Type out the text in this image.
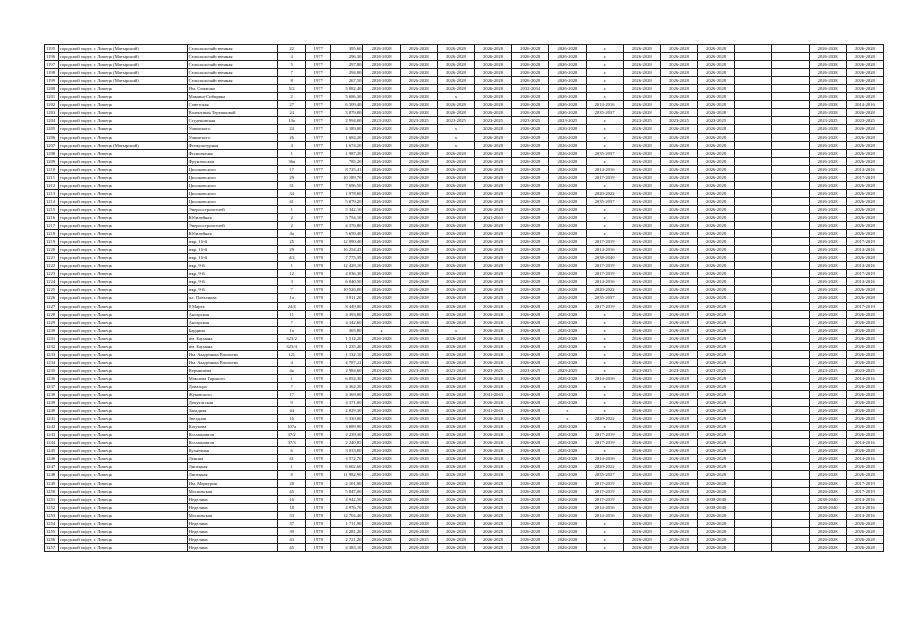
1195	городской округ, г. Липецк (Матырский)	Сельскохозяйственная	22	1977	395,60	2026-2028	2026-2028	2026-2028	2026-2028	2026-2028	2026-2028	x	2026-2028	2026-2028	2026-2028			2026-2028	2026-2028
1196	городской округ, г. Липецк (Матырский)	Сельскохозяйственная	4	1977	296,30	2026-2028	2026-2028	2026-2028	2026-2028	2026-2028	2026-2028	x	2026-2028	2026-2028	2026-2028			2026-2028	2026-2028
1197	городской округ, г. Липецк (Матырский)	Сельскохозяйственная	5	1977	297,80	2026-2028	2026-2028	2026-2028	2026-2028	2026-2028	2026-2028	x	2026-2028	2026-2028	2026-2028			2026-2028	2026-2028
1198	городской округ, г. Липецк (Матырский)	Сельскохозяйственная	7	1977	294,80	2026-2028	2026-2028	2026-2028	2026-2028	2026-2028	2026-2028	x	2026-2028	2026-2028	2026-2028			2026-2028	2026-2028
1199	городской округ, г. Липецк (Матырский)	Сельскохозяйственная	8	1977	267,50	2026-2028	2026-2028	2026-2028	2026-2028	2026-2028	2026-2028	x	2026-2028	2026-2028	2026-2028			2026-2028	2026-2028
1200	городской округ, г. Липецк	Им. Семашко	5/2	1977	5 082,40	2026-2028	2026-2028	2026-2028	2026-2028	2032-2034	2026-2028	x	2026-2028	2026-2028	2026-2028			2026-2028	2026-2028
1201	городской округ, г. Липецк	Мамина-Сибиряка	2	1977	5 686,30	2026-2028	2026-2028	x	2026-2028	2026-2028	2026-2028	x	2026-2028	2026-2028	2026-2028			2026-2028	2026-2028
1202	городской округ, г. Липецк	Советская	27	1977	6 309,40	2026-2028	2026-2028	2026-2028	2026-2028	2026-2028	2026-2028	2014-2016	2026-2028	2026-2028	2026-2028			2026-2028	2014-2016
1203	городской округ, г. Липецк	Валентины Терешковой	24	1977	3 879,80	2026-2028	2026-2028	2026-2028	2026-2028	2026-2028	2026-2028	2035-2037	2026-2028	2026-2028	2026-2028			2026-2028	2026-2028
1204	городской округ, г. Липецк	Студеновская	13а	1977	2 994,00	2023-2025	2023-2025	2023-2025	2023-2025	2023-2025	2023-2025	x	2023-2025	2023-2025	2023-2025			2023-2025	2023-2025
1205	городской округ, г. Липецк	Ушинского	24	1977	4 189,00	2026-2028	2026-2028	x	2026-2028	2026-2028	2026-2028	x	2026-2028	2026-2028	2026-2028			2026-2028	2026-2028
1206	городской округ, г. Липецк	Ушинского	26	1977	1 684,20	2026-2028	2026-2028	x	2026-2028	2026-2028	2026-2028	x	2026-2028	2026-2028	2026-2028			2026-2028	2026-2028
1207	городской округ, г. Липецк (Матырский)	Физкультурная	4	1977	1 674,20	2026-2028	2026-2028	x	2026-2028	2026-2028	2026-2028	x	2026-2028	2026-2028	2026-2028			2026-2028	2026-2028
1208	городской округ, г. Липецк	Филипченко	1	1977	1 987,20	2026-2028	2026-2028	2026-2028	2026-2028	2026-2028	2026-2028	2035-2037	2026-2028	2026-2028	2026-2028			2026-2028	2026-2028
1209	городской округ, г. Липецк	Фрунзенская	36а	1977	785,20	2026-2028	2026-2028	2026-2028	2026-2028	2026-2028	2026-2028	x	2026-2028	2026-2028	2026-2028			2026-2028	2026-2028
1210	городской округ, г. Липецк	Циолковского	17	1977	8 725,41	2026-2028	2026-2028	2026-2028	2026-2028	2026-2028	2026-2028	2014-2016	2026-2028	2026-2028	2026-2028			2026-2028	2014-2016
1211	городской округ, г. Липецк	Циолковского	29	1977	10 189,70	2026-2028	2026-2028	2026-2028	2026-2028	2026-2028	2026-2028	2017-2019	2026-2028	2026-2028	2026-2028			2026-2028	2017-2019
1212	городской округ, г. Липецк	Циолковского	31	1977	7 696,50	2026-2028	2026-2028	2026-2028	2026-2028	2026-2028	2026-2028	x	2026-2028	2026-2028	2026-2028			2026-2028	2026-2028
1213	городской округ, г. Липецк	Циолковского	34	1977	1 978,60	2026-2028	2026-2028	2026-2028	2026-2028	2026-2028	2026-2028	2020-2022	2026-2028	2026-2028	2026-2028			2026-2028	2026-2028
1214	городской округ, г. Липецк	Циолковского	41	1977	5 079,20	2026-2028	2026-2028	2026-2028	2026-2028	2026-2028	2026-2028	2035-2037	2026-2028	2026-2028	2026-2028			2026-2028	2026-2028
1215	городской округ, г. Липецк	Энергостроителей	1	1977	5 342,10	2026-2028	2026-2028	2026-2028	2026-2028	2026-2028	2026-2028	x	2026-2028	2026-2028	2026-2028			2026-2028	2026-2028
1216	городской округ, г. Липецк	Юбилейная	2	1977	5 754,10	2026-2028	2026-2028	2026-2028	2041-2043	2026-2028	2026-2028	x	2026-2028	2026-2028	2026-2028			2026-2028	2026-2028
1217	городской округ, г. Липецк	Энергостроителей	2	1977	4 376,80	2026-2028	2026-2028	2026-2028	2026-2028	2026-2028	2026-2028	x	2026-2028	2026-2028	2026-2028			2026-2028	2026-2028
1218	городской округ, г. Липецк	Юбилейная	4а	1977	5 659,40	2026-2028	2026-2028	2026-2028	2026-2028	2026-2028	2026-2028	x	2026-2028	2026-2028	2026-2028			2026-2028	2026-2028
1219	городской округ, г. Липецк	мкр. 15-й	25	1978	12 090,40	2026-2028	2026-2028	2026-2028	2026-2028	2026-2028	2026-2028	2017-2019	2026-2028	2026-2028	2026-2028			2026-2028	2017-2019
1220	городской округ, г. Липецк	мкр. 15-й	29	1978	16 254,43	2026-2028	2026-2028	2026-2028	2026-2028	2026-2028	2026-2028	2014-2016	2026-2028	2026-2028	2026-2028			2026-2028	2014-2016
1221	городской округ, г. Липецк	мкр. 15-й	4/2	1978	7 775,39	2026-2028	2026-2028	2026-2028	2026-2028	2026-2028	2026-2028	2038-2040	2026-2028	2026-2028	2026-2028			2026-2028	2026-2028
1222	городской округ, г. Липецк	мкр. 9-й	1	1978	12 428,10	2026-2028	2026-2028	2026-2028	2026-2028	2026-2028	2026-2028	2017-2019	2026-2028	2026-2028	2026-2028			2026-2028	2014-2016
1223	городской округ, г. Липецк	мкр. 9-й	12	1978	4 036,30	2026-2028	2026-2028	2026-2028	2026-2028	2026-2028	2026-2028	2017-2019	2026-2028	2026-2028	2026-2028			2026-2028	2017-2019
1224	городской округ, г. Липецк	мкр. 9-й	3	1978	6 040,50	2026-2028	2026-2028	2026-2028	2026-2028	2026-2028	2026-2028	2014-2016	2026-2028	2026-2028	2026-2028			2026-2028	2014-2016
1225	городской округ, г. Липецк	мкр. 9-й	7	1978	10 526,00	2026-2028	2026-2028	2026-2028	2026-2028	2026-2028	2026-2028	2020-2022	2026-2028	2026-2028	2026-2028			2026-2028	2026-2028
1226	городской округ, г. Липецк	пл. Плеханова	1а	1978	3 911,20	2026-2028	2026-2028	2026-2028	2026-2028	2026-2028	2026-2028	2035-2037	2026-2028	2026-2028	2026-2028			2026-2028	2026-2028
1227	городской округ, г. Липецк	8 Марта	24/4	1978	8 449,00	2026-2028	2026-2028	2026-2028	2026-2028	2026-2028	2026-2028	2017-2019	2026-2028	2026-2028	2026-2028			2026-2028	2017-2019
1228	городской округ, г. Липецк	Ангарская	11	1978	4 393,80	2026-2028	2026-2028	2026-2028	2026-2028	2026-2028	2026-2028	x	2026-2028	2026-2028	2026-2028			2026-2028	2026-2028
1229	городской округ, г. Липецк	Ангарская	7	1978	4 342,60	2026-2028	2026-2028	2026-2028	2026-2028	2026-2028	2026-2028	x	2026-2028	2026-2028	2026-2028			2026-2028	2026-2028
1230	городской округ, г. Липецк	Бардина	1а	1978	365,80	x	2026-2028	x	2026-2028	2026-2028	2026-2028	x	2026-2028	2026-2028	2026-2028			2026-2028	2026-2028
1231	городской округ, г. Липецк	им. Баумана	323/2	1978	1 512,20	2026-2028	2026-2028	2026-2028	2026-2028	2026-2028	2026-2028	x	2026-2028	2026-2028	2026-2028			2026-2028	2026-2028
1232	городской округ, г. Липецк	им. Баумана	323/4	1978	1 235,40	2026-2028	2026-2028	2026-2028	2026-2028	2026-2028	2026-2028	x	2026-2028	2026-2028	2026-2028			2026-2028	2026-2028
1233	городской округ, г. Липецк	Им. Академика Влизьева	121	1978	1 132,10	2026-2028	2026-2028	2026-2028	2026-2028	2026-2028	2026-2028	x	2026-2028	2026-2028	2026-2028			2026-2028	2026-2028
1234	городской округ, г. Липецк	Им. Академика Влизьева	4	1978	4 787,22	2026-2028	2026-2028	2026-2028	2026-2028	2026-2028	2026-2028	x	2026-2028	2026-2028	2026-2028			2026-2028	2026-2028
1235	городской округ, г. Липецк	Вермишева	4а	1978	2 984,60	2023-2025	2023-2025	2023-2025	2023-2025	2023-2025	2023-2025	x	2023-2025	2023-2025	2023-2025			2023-2025	2023-2025
1236	городской округ, г. Липецк	Максима Горького	1	1978	6 054,30	2026-2028	2026-2028	2026-2028	2026-2028	2026-2028	2026-2028	2014-2016	2026-2028	2026-2028	2026-2028			2026-2028	2014-2016
1237	городской округ, г. Липецк	Доватора	7	1978	4 362,20	2026-2028	2026-2028	2026-2028	2026-2028	2026-2028	2026-2028	x	2026-2028	2026-2028	2026-2028			2026-2028	2026-2028
1238	городской округ, г. Липецк	Жуковского	17	1978	4 369,00	2026-2028	2026-2028	2026-2028	2041-2043	2026-2028	2026-2028	x	2026-2028	2026-2028	2026-2028			2026-2028	2026-2028
1239	городской округ, г. Липецк	Депутатская	9	1978	4 371,00	2026-2028	2026-2028	2026-2028	2026-2028	2026-2028	2026-2028	x	2026-2028	2026-2028	2026-2028			2026-2028	2026-2028
1240	городской округ, г. Липецк	Западная	44	1978	2 829,30	2026-2028	2026-2028	2026-2028	2041-2043	2026-2028	x	x	2026-2028	2026-2028	2026-2028			2026-2028	2026-2028
1241	городской округ, г. Липецк	Звездная	16	1978	5 330,00	2026-2028	2026-2028	2026-2028	2026-2028	2026-2028	x	2020-2022	2026-2028	2026-2028	2026-2028			2026-2028	2026-2028
1242	городской округ, г. Липецк	Катукова	107а	1978	3 089,90	2026-2028	2026-2028	2026-2028	2026-2028	2026-2028	2026-2028	x	2026-2028	2026-2028	2026-2028			2026-2028	2026-2028
1243	городской округ, г. Липецк	Космонавтов	37/2	1978	2 239,30	2026-2028	2026-2028	2026-2028	2026-2028	2026-2028	2026-2028	2017-2019	2026-2028	2026-2028	2026-2028			2026-2028	2026-2028
1244	городской округ, г. Липецк	Космонавтов	37/3	1978	2 240,85	2026-2028	2026-2028	2026-2028	2026-2028	2026-2028	2026-2028	2017-2019	2026-2028	2026-2028	2026-2028			2026-2028	2014-2016
1245	городской округ, г. Липецк	Кузнечная	6	1978	3 033,00	2026-2028	2026-2028	2026-2028	2026-2028	2026-2028	2026-2028	x	2026-2028	2026-2028	2026-2028			2026-2028	2026-2028
1246	городской округ, г. Липецк	Ленина	41	1978	4 572,70	2026-2028	2026-2028	2026-2028	2026-2028	2026-2028	2026-2028	2014-2016	2026-2028	2026-2028	2026-2028			2026-2028	2014-2016
1247	городской округ, г. Липецк	Липецкая	1	1978	6 602,60	2026-2028	2026-2028	2026-2028	2026-2028	2026-2028	2026-2028	2020-2022	2026-2028	2026-2028	2026-2028			2026-2028	2026-2028
1248	городской округ, г. Липецк	Липецкая	8	1978	11 982,90	2026-2028	2026-2028	2026-2028	2026-2028	2026-2028	2026-2028	2035-2037	2026-2028	2026-2028	2026-2028			2026-2028	2026-2028
1249	городской округ, г. Липецк	Им. Меркурия	28	1978	2 101,00	2026-2028	2026-2028	2026-2028	2026-2028	2026-2028	2026-2028	2017-2019	2026-2028	2026-2028	2026-2028			2026-2028	2017-2019
1250	городской округ, г. Липецк	Московская	45	1978	5 847,00	2026-2028	2026-2028	2026-2028	2026-2028	2026-2028	2026-2028	2017-2019	2026-2028	2026-2028	2026-2028			2026-2028	2017-2019
1251	городской округ, г. Липецк	Неделина	16	1978	4 942,50	2026-2028	2026-2028	2026-2028	2026-2028	2026-2028	2026-2028	2017-2019	2026-2028	2026-2028	2038-2040			2038-2040	2014-2016
1252	городской округ, г. Липецк	Неделина	18	1978	4 976,70	2026-2028	2026-2028	2026-2028	2026-2028	2026-2028	2026-2028	2014-2016	2026-2028	2026-2028	2038-2040			2038-2040	2014-2016
1253	городской округ, г. Липецк	Московская	53	1978	12 704,40	2026-2028	2026-2028	2026-2028	2026-2028	2026-2028	2026-2028	2014-2016	2026-2028	2026-2028	2026-2028			2026-2028	2014-2016
1254	городской округ, г. Липецк	Неделина	37	1978	1 711,90	2026-2028	2026-2028	2026-2028	2026-2028	2026-2028	2026-2028	x	2026-2028	2026-2028	2026-2028			2026-2028	2026-2028
1255	городской округ, г. Липецк	Неделина	39	1978	4 281,20	2026-2028	2026-2028	2026-2028	2026-2028	2026-2028	2026-2028	x	2026-2028	2026-2028	2026-2028			2026-2028	2026-2028
1256	городской округ, г. Липецк	Неделина	43	1978	2 721,20	2026-2028	2023-2025	2026-2028	2026-2028	2026-2028	2026-2028	x	2026-2028	2026-2028	2026-2028			2026-2028	2026-2028
1257	городской округ, г. Липецк	Неделина	45	1978	4 383,10	2026-2028	2026-2028	2026-2028	2026-2028	2026-2028	2026-2028	x	2026-2028	2026-2028	2026-2028			2026-2028	2026-2028
